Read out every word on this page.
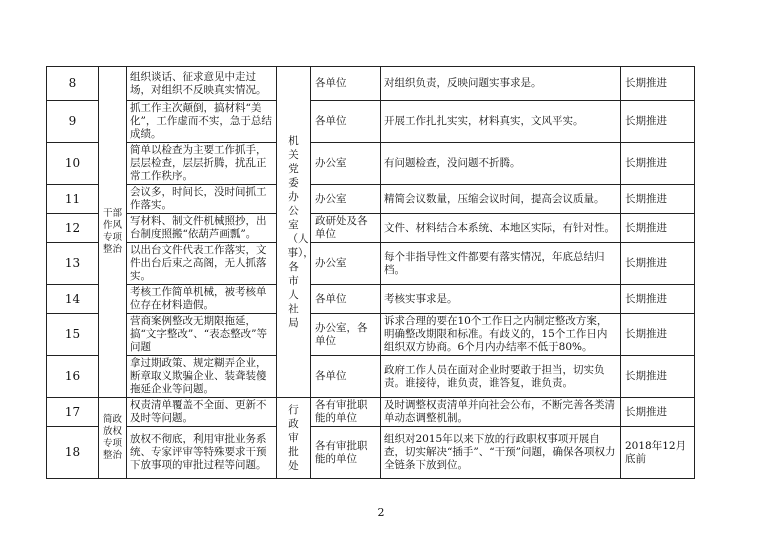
8	干部作风专项整治	组织谈话、征求意见中走过场，对组织不反映真实情况。	机关党委办公室（人事），各市人社局	各单位	对组织负责，反映问题实事求是。	长期推进
9		抓工作主次颠倒，搞材料“美化”，工作虚而不实，急于总结成绩。		各单位	开展工作扎扎实实，材料真实，文风平实。	长期推进
10		简单以检查为主要工作抓手，层层检查，层层折腾，扰乱正常工作秩序。		办公室	有问题检查，没问题不折腾。	长期推进
11		会议多，时间长，没时间抓工作落实。		办公室	精简会议数量，压缩会议时间，提高会议质量。	长期推进
12		写材料、制文件机械照抄，出台制度照搬“依葫芦画瓢”。		政研处及各单位	文件、材料结合本系统、本地区实际，有针对性。	长期推进
13		以出台文件代表工作落实，文件出台后束之高阁，无人抓落实。		办公室	每个非指导性文件都要有落实情况，年底总结归档。	长期推进
14		考核工作简单机械，被考核单位存在材料造假。		各单位	考核实事求是。	长期推进
15		营商案例整改无期限拖延，搞“文字整改”、“表态整改”等问题		办公室，各单位	诉求合理的要在10个工作日之内制定整改方案，明确整改期限和标准。有歧义的，15个工作日内组织双方协商。6个月内办结率不低于80%。	长期推进
16		拿过期政策、规定糊弄企业，断章取义欺骗企业、装聋装傻拖延企业等问题。		各单位	政府工作人员在面对企业时要敢于担当，切实负责。谁接待，谁负责，谁答复，谁负责。	长期推进
17	简政放权专项整治	权责清单覆盖不全面、更新不及时等问题。	行政审批处	各有审批职能的单位	及时调整权责清单并向社会公布，不断完善各类清单动态调整机制。	长期推进
18		放权不彻底，利用审批业务系统、专家评审等特殊要求干预下放事项的审批过程等问题。		各有审批职能的单位	组织对2015年以来下放的行政职权事项开展自查，切实解决“插手”、“干预”问题，确保各项权力全链条下放到位。	2018年12月底前
2
